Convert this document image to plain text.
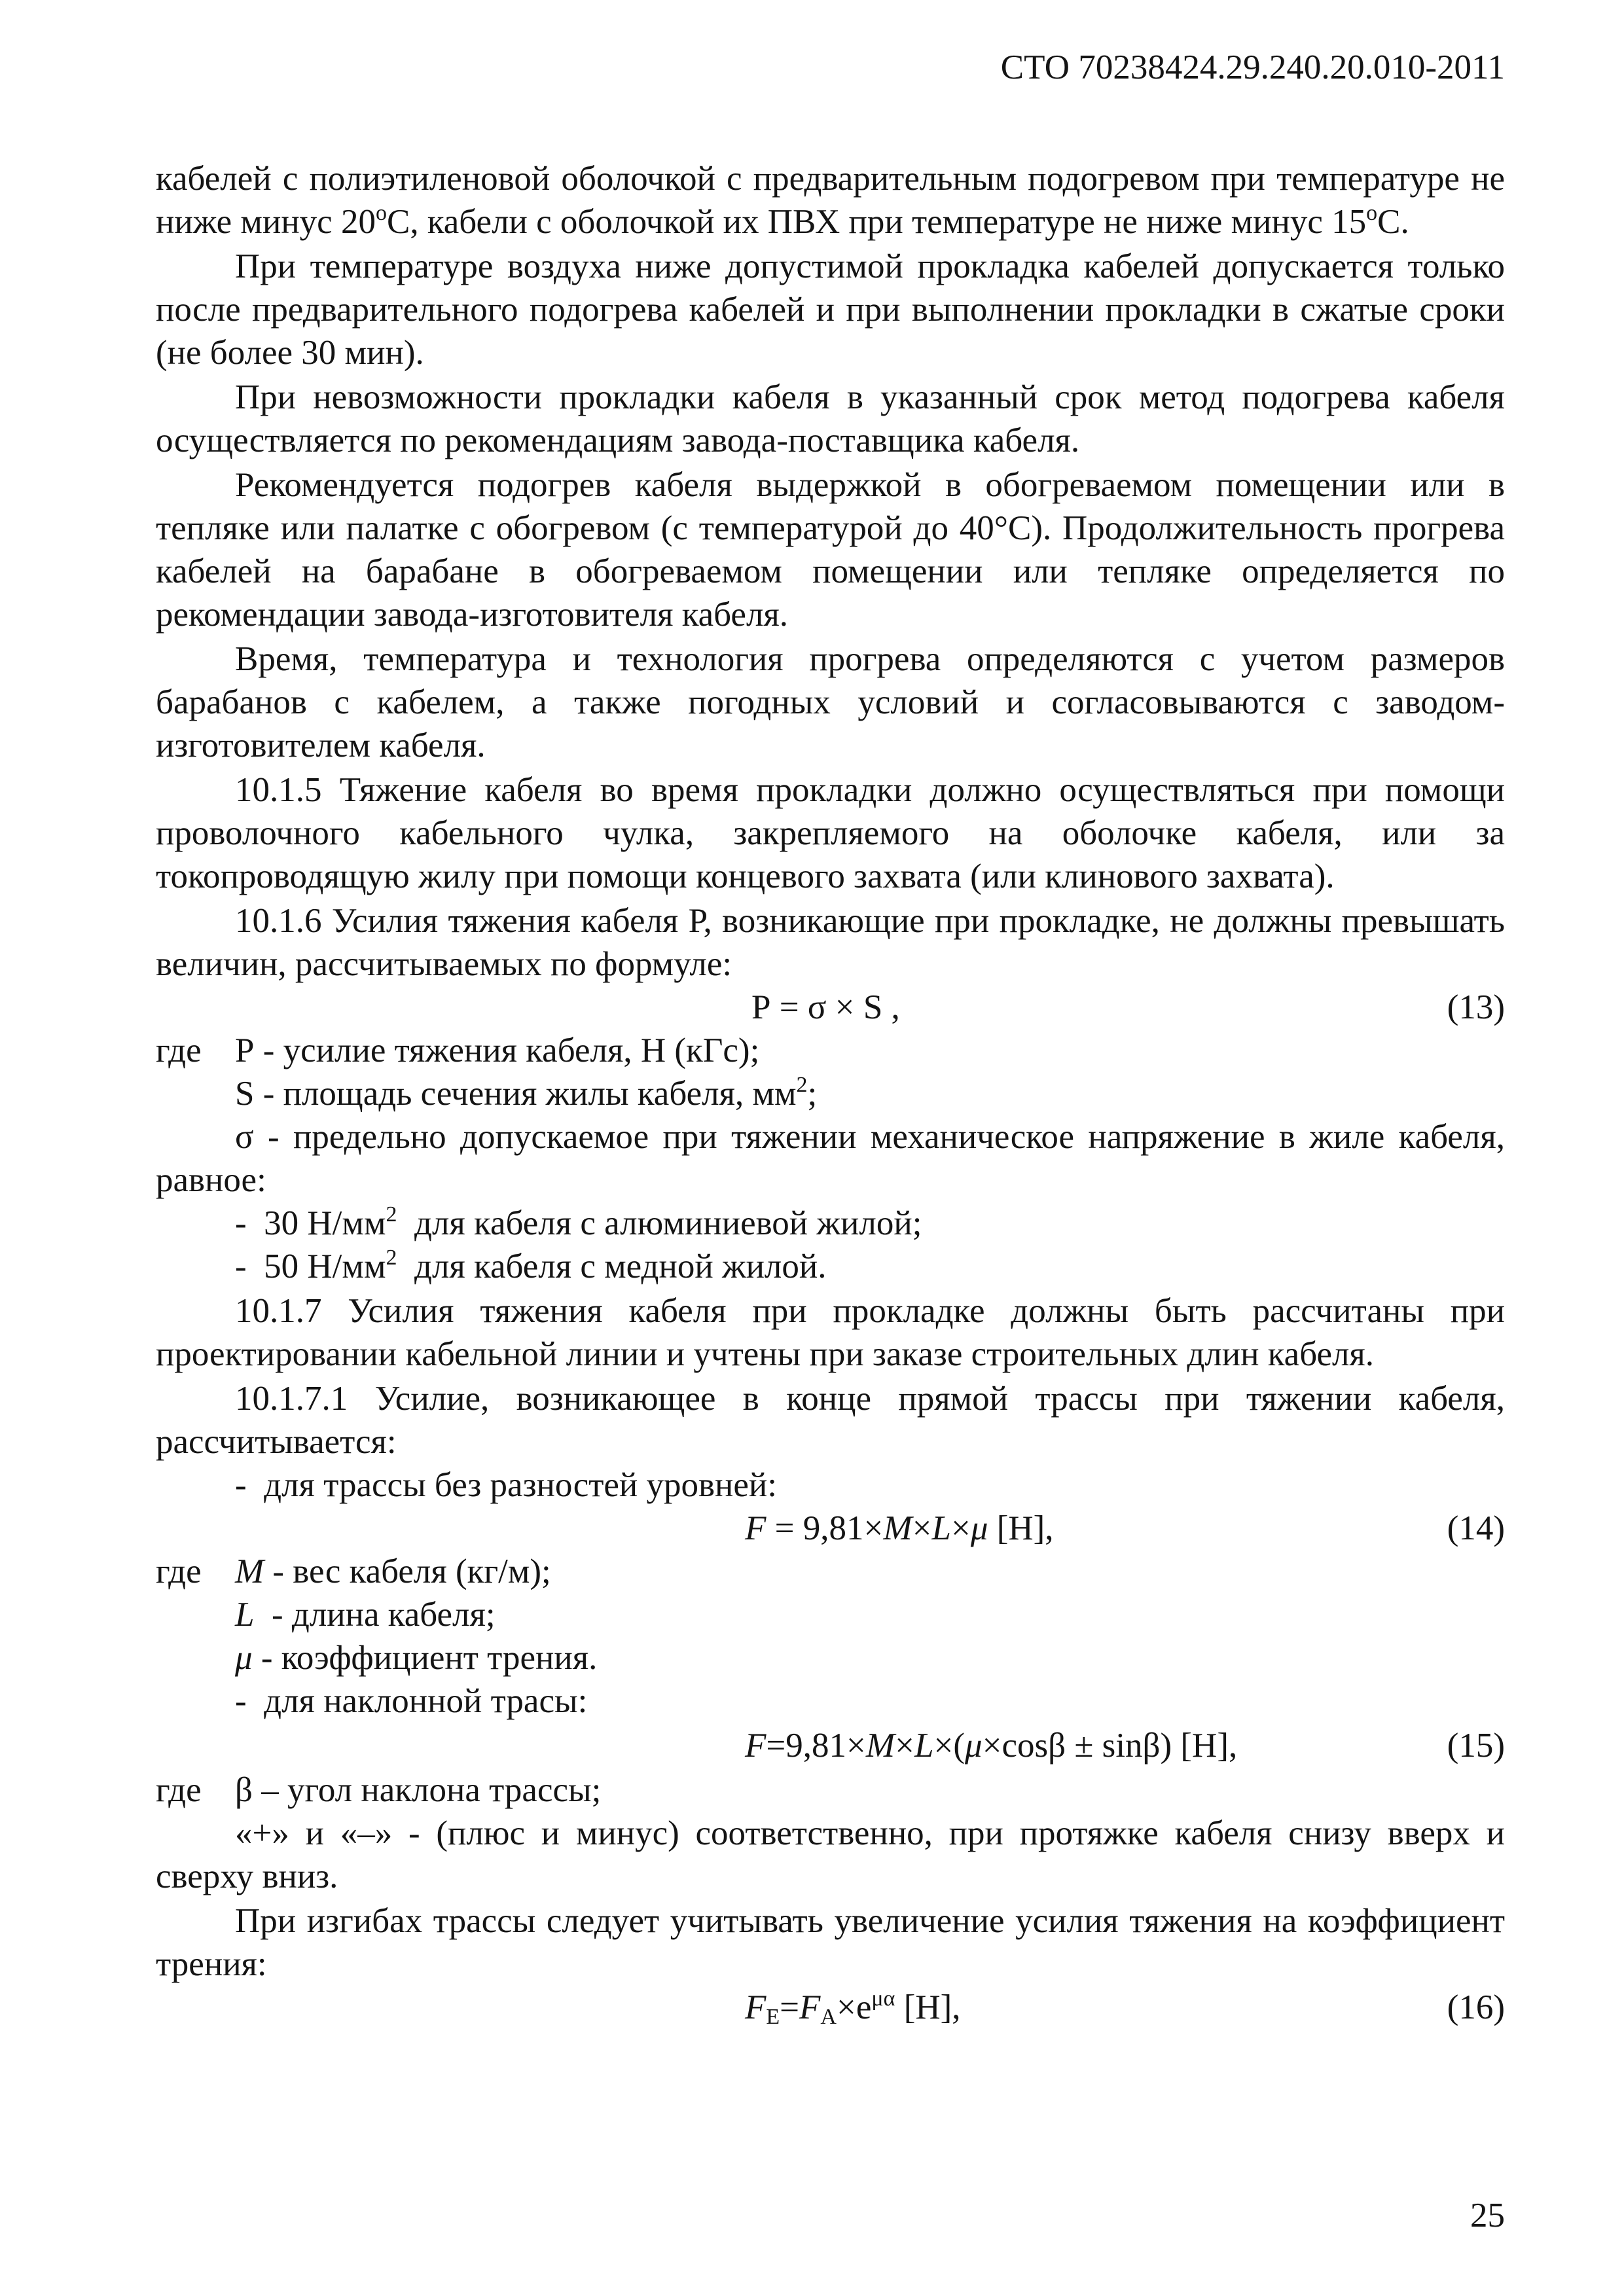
СТО 70238424.29.240.20.010-2011

кабелей с полиэтиленовой оболочкой с предварительным подогревом при температуре не ниже минус 20$^o$С, кабели с оболочкой их ПВХ при температуре не ниже минус 15$^o$С.

При температуре воздуха ниже допустимой прокладка кабелей допускается только после предварительного подогрева кабелей и при выполнении прокладки в сжатые сроки (не более 30 мин).

При невозможности прокладки кабеля в указанный срок метод подогрева кабеля осуществляется по рекомендациям завода-поставщика кабеля.

Рекомендуется подогрев кабеля выдержкой в обогреваемом помещении или в тепляке или палатке с обогревом (с температурой до 40°С). Продолжительность прогрева кабелей на барабане в обогреваемом помещении или тепляке определяется по рекомендации завода-изготовителя кабеля.

Время, температура и технология прогрева определяются с учетом размеров барабанов с кабелем, а также погодных условий и согласовываются с заводом-изготовителем кабеля.

10.1.5 Тяжение кабеля во время прокладки должно осуществляться при помощи проволочного кабельного чулка, закрепляемого на оболочке кабеля, или за токопроводящую жилу при помощи концевого захвата (или клинового захвата).

10.1.6 Усилия тяжения кабеля Р, возникающие при прокладке, не должны превышать величин, рассчитываемых по формуле:

Р = σ × S ,	(13)
где Р - усилие тяжения кабеля, Н (кГс);

S - площадь сечения жилы кабеля, $мм^2$;

σ - предельно допускаемое при тяжении механическое напряжение в жиле кабеля, равное:

-  30 $Н/мм^2$  для кабеля с алюминиевой жилой;

-  50 $Н/мм^2$  для кабеля с медной жилой.

10.1.7 Усилия тяжения кабеля при прокладке должны быть рассчитаны при проектировании кабельной линии и учтены при заказе строительных длин кабеля.

10.1.7.1 Усилие, возникающее в конце прямой трассы при тяжении кабеля, рассчитывается:

-  для трассы без разностей уровней:

F = 9,81×M×L×μ [Н],	(14)
где M - вес кабеля (кг/м);

L  - длина кабеля;

μ - коэффициент трения.

-  для наклонной трасы:

F=9,81×M×L×(μ×cosβ ± sinβ) [Н],	(15)
где β – угол наклона трассы;

«+» и «–» - (плюс и минус) соответственно, при протяжке кабеля снизу вверх и сверху вниз.

При изгибах трассы следует учитывать увеличение усилия тяжения на коэффициент трения:

$F_E=F_A\times e^{\mu\alpha}$ [Н],	(16)
25
